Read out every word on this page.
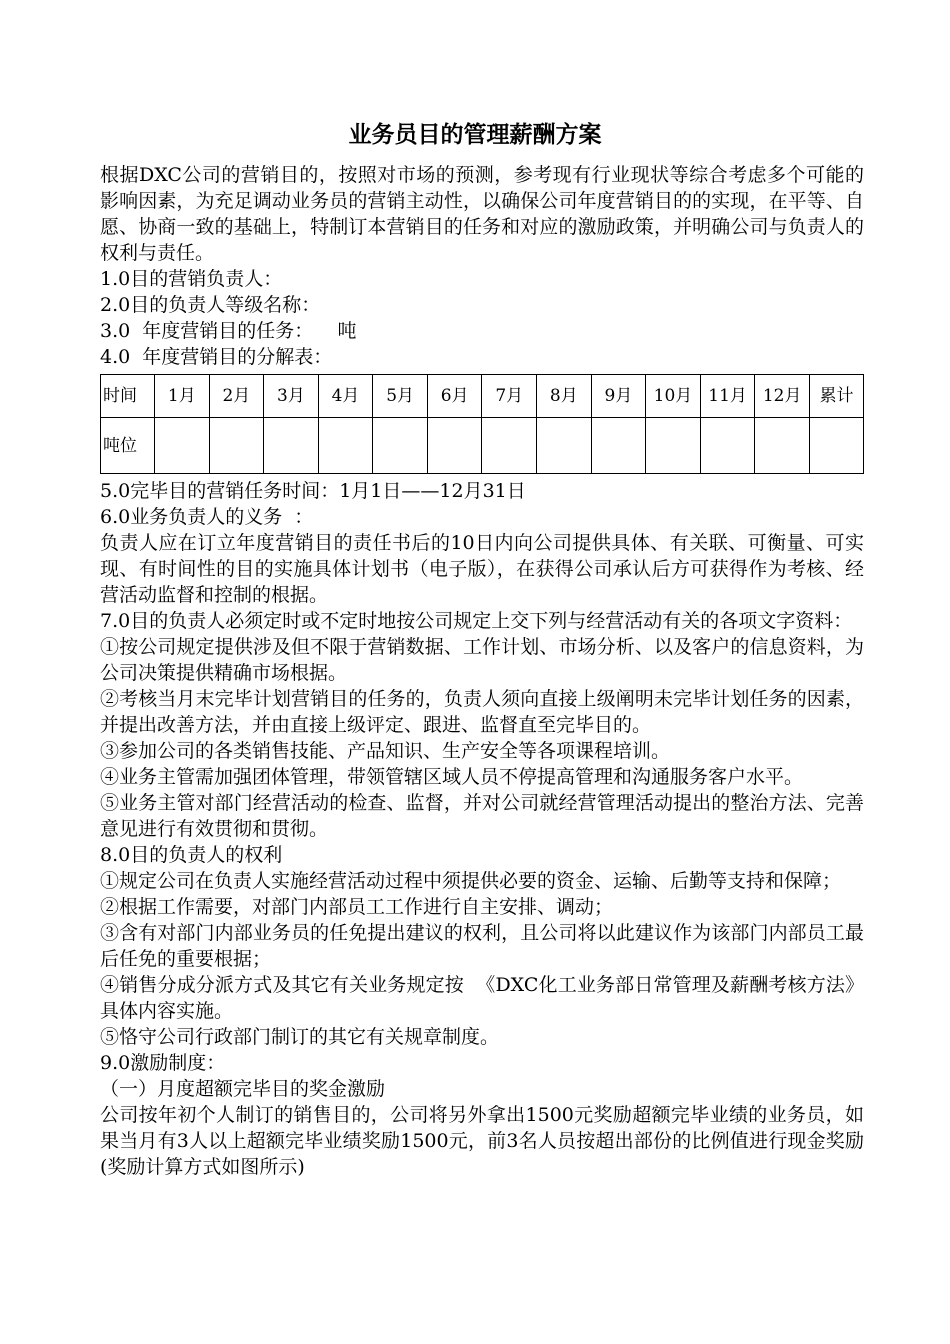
业务员目的管理薪酬方案

根据DXC公司的营销目的，按照对市场的预测，参考现有行业现状等综合考虑多个可能的影响因素，为充足调动业务员的营销主动性，以确保公司年度营销目的的实现，在平等、自愿、协商一致的基础上，特制订本营销目的任务和对应的激励政策，并明确公司与负责人的权利与责任。

1.0目的营销负责人：

2.0目的负责人等级名称：

3.0  年度营销目的任务：    吨

4.0  年度营销目的分解表：

时间	1月	2月	3月	4月	5月	6月	7月	8月	9月	10月	11月	12月	累计
吨位													

5.0完毕目的营销任务时间：1月1日——12月31日

6.0业务负责人的义务  ：

负责人应在订立年度营销目的责任书后的10日内向公司提供具体、有关联、可衡量、可实现、有时间性的目的实施具体计划书（电子版），在获得公司承认后方可获得作为考核、经营活动监督和控制的根据。

7.0目的负责人必须定时或不定时地按公司规定上交下列与经营活动有关的各项文字资料：

①按公司规定提供涉及但不限于营销数据、工作计划、市场分析、以及客户的信息资料，为公司决策提供精确市场根据。

②考核当月末完毕计划营销目的任务的，负责人须向直接上级阐明未完毕计划任务的因素，并提出改善方法，并由直接上级评定、跟进、监督直至完毕目的。

③参加公司的各类销售技能、产品知识、生产安全等各项课程培训。

④业务主管需加强团体管理，带领管辖区域人员不停提高管理和沟通服务客户水平。

⑤业务主管对部门经营活动的检查、监督，并对公司就经营管理活动提出的整治方法、完善意见进行有效贯彻和贯彻。

8.0目的负责人的权利

①规定公司在负责人实施经营活动过程中须提供必要的资金、运输、后勤等支持和保障；

②根据工作需要，对部门内部员工工作进行自主安排、调动；

③含有对部门内部业务员的任免提出建议的权利，且公司将以此建议作为该部门内部员工最后任免的重要根据；

④销售分成分派方式及其它有关业务规定按  《DXC化工业务部日常管理及薪酬考核方法》具体内容实施。

⑤恪守公司行政部门制订的其它有关规章制度。

9.0激励制度：

（一）月度超额完毕目的奖金激励

公司按年初个人制订的销售目的，公司将另外拿出1500元奖励超额完毕业绩的业务员，如果当月有3人以上超额完毕业绩奖励1500元，前3名人员按超出部份的比例值进行现金奖励(奖励计算方式如图所示)
